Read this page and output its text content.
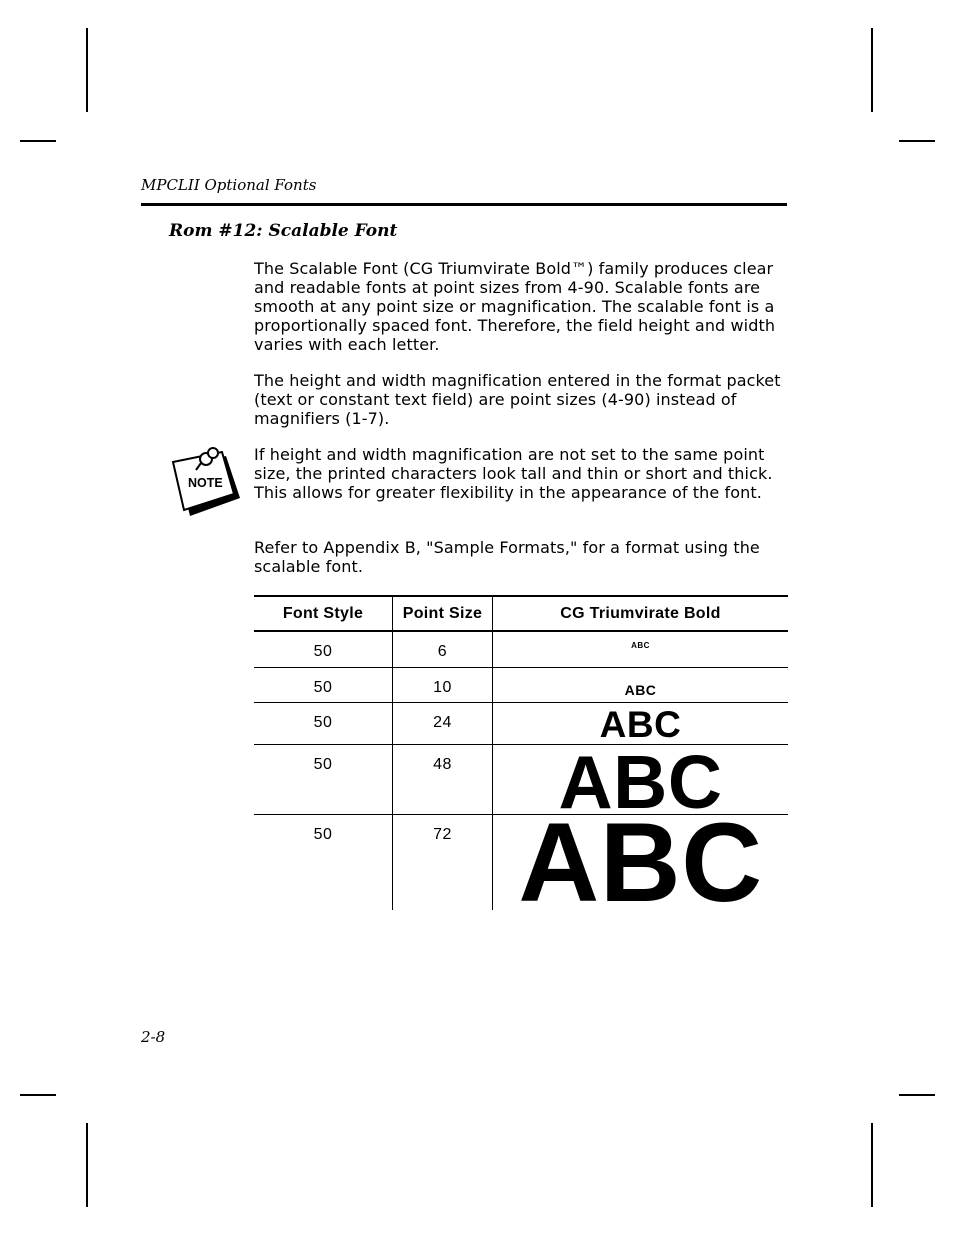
MPCLII Optional Fonts
Rom #12: Scalable Font
The Scalable Font (CG Triumvirate Bold™) family produces clear and readable fonts at point sizes from 4-90. Scalable fonts are smooth at any point size or magnification. The scalable font is a proportionally spaced font. Therefore, the field height and width varies with each letter.
The height and width magnification entered in the format packet (text or constant text field) are point sizes (4-90) instead of magnifiers (1-7).
NOTE
If height and width magnification are not set to the same point size, the printed characters look tall and thin or short and thick. This allows for greater flexibility in the appearance of the font.
Refer to Appendix B, "Sample Formats," for a format using the scalable font.
Font Style	Point Size	CG Triumvirate Bold
50	6	ABC

50	10	ABC

50	24	ABC

50	48	ABC

50	72	ABC
2-8
